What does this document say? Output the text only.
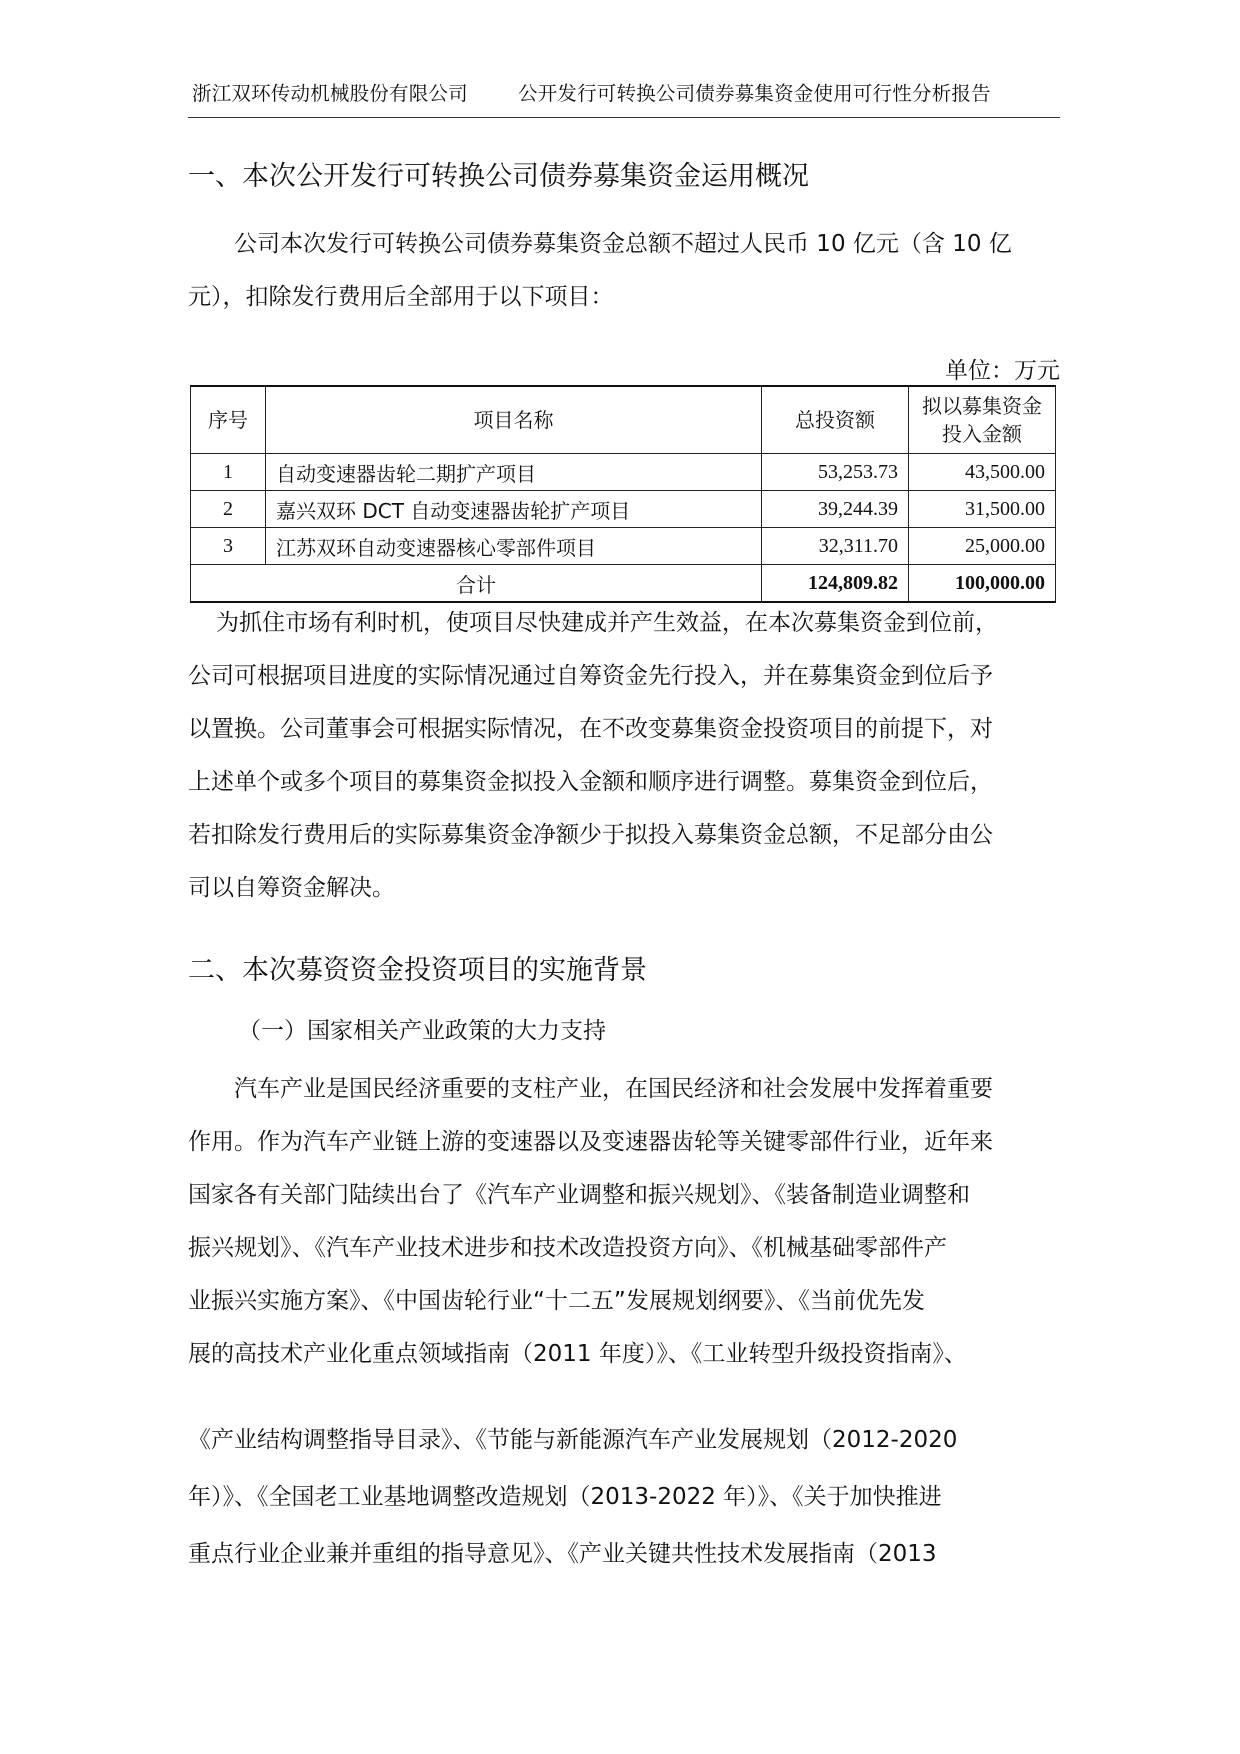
浙江双环传动机械股份有限公司	公开发行可转换公司债券募集资金使用可行性分析报告
一、本次公开发行可转换公司债券募集资金运用概况
公司本次发行可转换公司债券募集资金总额不超过人民币 10 亿元（含 10 亿
元），扣除发行费用后全部用于以下项目：
单位：万元
序号	项目名称	总投资额	拟以募集资金投入金额
1	自动变速器齿轮二期扩产项目	53,253.73	43,500.00
2	嘉兴双环 DCT 自动变速器齿轮扩产项目	39,244.39	31,500.00
3	江苏双环自动变速器核心零部件项目	32,311.70	25,000.00
合计		124,809.82	100,000.00
为抓住市场有利时机，使项目尽快建成并产生效益，在本次募集资金到位前，
公司可根据项目进度的实际情况通过自筹资金先行投入，并在募集资金到位后予
以置换。公司董事会可根据实际情况，在不改变募集资金投资项目的前提下，对
上述单个或多个项目的募集资金拟投入金额和顺序进行调整。募集资金到位后，
若扣除发行费用后的实际募集资金净额少于拟投入募集资金总额，不足部分由公
司以自筹资金解决。
二、本次募资资金投资项目的实施背景
（一）国家相关产业政策的大力支持
汽车产业是国民经济重要的支柱产业，在国民经济和社会发展中发挥着重要
作用。作为汽车产业链上游的变速器以及变速器齿轮等关键零部件行业，近年来
国家各有关部门陆续出台了《汽车产业调整和振兴规划》、《装备制造业调整和
振兴规划》、《汽车产业技术进步和技术改造投资方向》、《机械基础零部件产
业振兴实施方案》、《中国齿轮行业“十二五”发展规划纲要》、《当前优先发
展的高技术产业化重点领域指南（2011 年度）》、《工业转型升级投资指南》、
《产业结构调整指导目录》、《节能与新能源汽车产业发展规划（2012-2020
年）》、《全国老工业基地调整改造规划（2013-2022 年）》、《关于加快推进
重点行业企业兼并重组的指导意见》、《产业关键共性技术发展指南（2013
